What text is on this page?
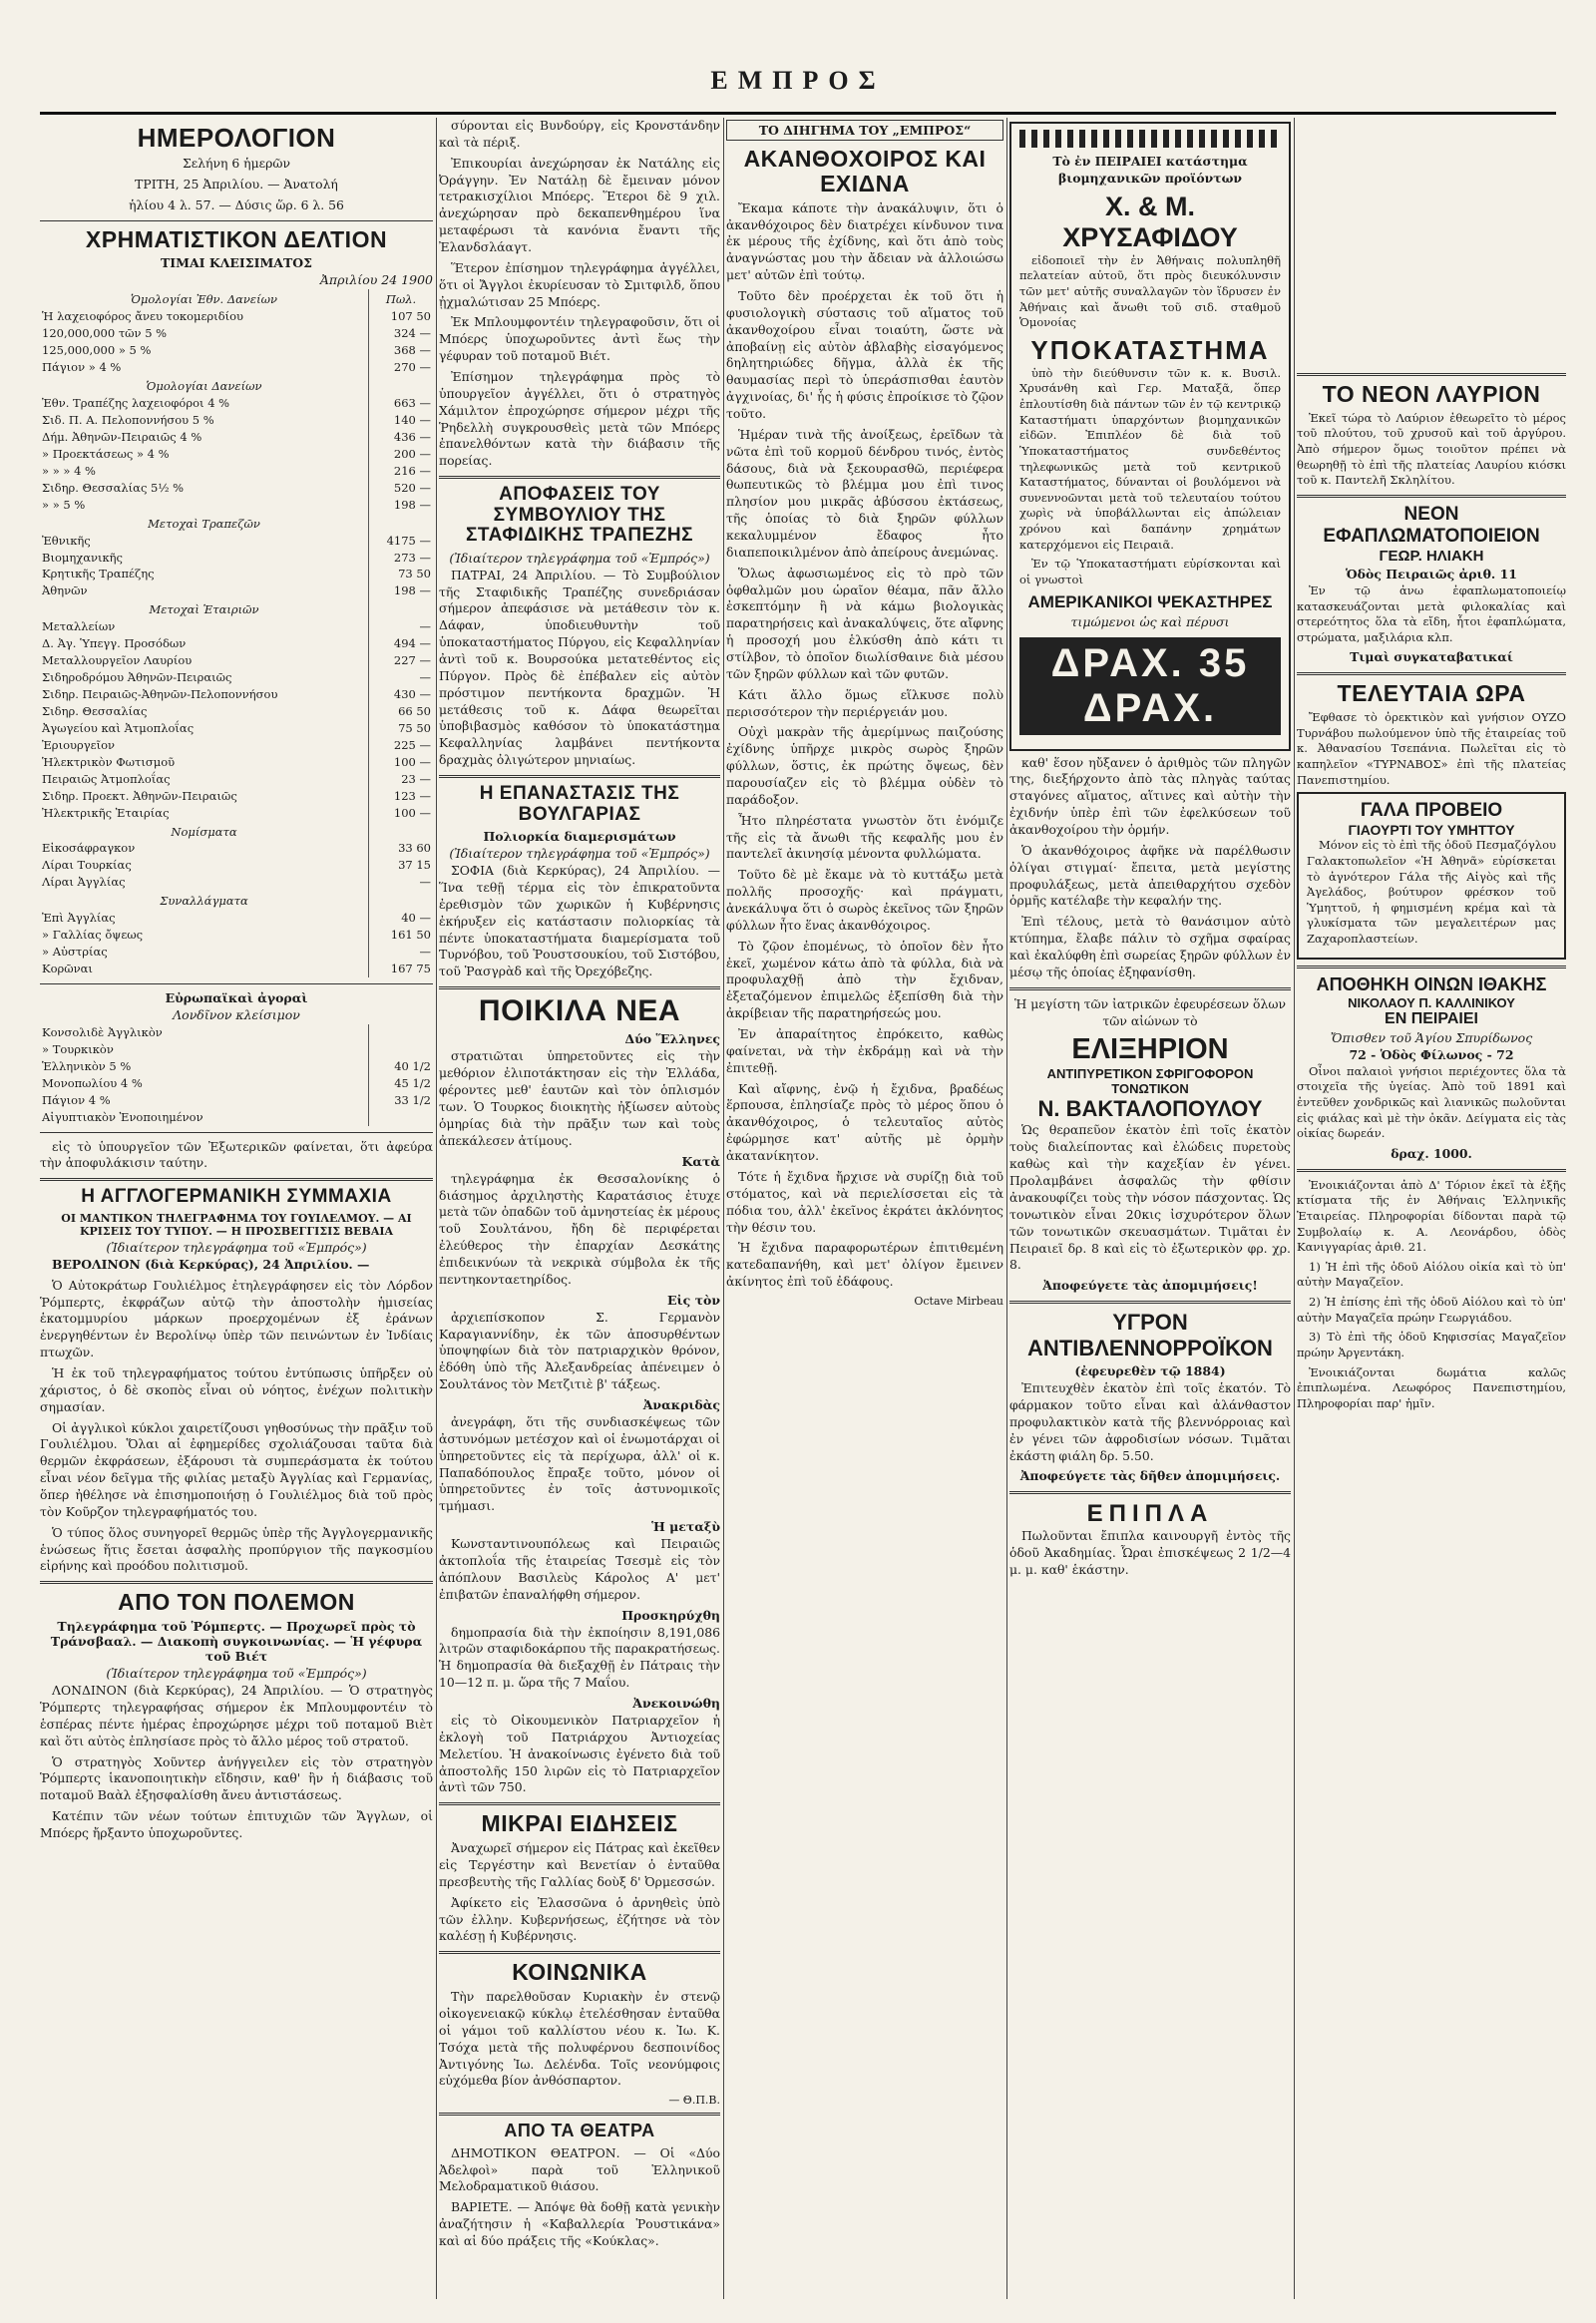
ΕΜΠΡΟΣ
ΗΜΕΡΟΛΟΓΙΟΝ

Σελήνη 6 ἡμερῶν

ΤΡΙΤΗ, 25 Ἀπριλίου. — Ἀνατολή

ἡλίου 4 λ. 57. — Δύσις ὥρ. 6 λ. 56

ΧΡΗΜΑΤΙΣΤΙΚΟΝ ΔΕΛΤΙΟΝ
ΤΙΜΑΙ ΚΛΕΙΣΙΜΑΤΟΣ
Ἀπριλίου 24 1900
Ὁμολογίαι Ἐθν. Δανείων	Πωλ.
Ἡ λαχειοφόρος ἄνευ τοκομεριδίου	107 50
120,000,000 τῶν 5 %	324 —
125,000,000 » 5 %	368 —
Πάγιον » 4 %	270 —
Ὁμολογίαι Δανείων	
Ἐθν. Τραπέζης λαχειοφόροι 4 %	663 —
Σιδ. Π. Α. Πελοποννήσου 5 %	140 —
Δήμ. Ἀθηνῶν-Πειραιῶς 4 %	436 —
» Προεκτάσεως » 4 %	200 —
» » » 4 %	216 —
Σιδηρ. Θεσσαλίας 5½ %	520 —
» » 5 %	198 —
Μετοχαὶ Τραπεζῶν	
Ἐθνικῆς	4175 —
Βιομηχανικῆς	273 —
Κρητικῆς Τραπέζης	73 50
Ἀθηνῶν	198 —
Μετοχαὶ Ἑταιριῶν	
Μεταλλείων	—
Δ. Ἀγ. Ὑπεγγ. Προσόδων	494 —
Μεταλλουργεῖον Λαυρίου	227 —
Σιδηροδρόμου Ἀθηνῶν-Πειραιῶς	—
Σιδηρ. Πειραιῶς-Ἀθηνῶν-Πελοποννήσου	430 —
Σιδηρ. Θεσσαλίας	66 50
Ἀγωγείου καὶ Ἀτμοπλοΐας	75 50
Ἐριουργεῖον	225 —
Ἡλεκτρικὸν Φωτισμοῦ	100 —
Πειραιῶς Ἀτμοπλοΐας	23 —
Σιδηρ. Προεκτ. Ἀθηνῶν-Πειραιῶς	123 —
Ἠλεκτρικῆς Ἑταιρίας	100 —
Νομίσματα	
Εἰκοσάφραγκον	33 60
Λίραι Τουρκίας	37 15
Λίραι Ἀγγλίας	—
Συναλλάγματα	
Ἐπὶ Ἀγγλίας	40 —
» Γαλλίας ὄψεως	161 50
» Αὐστρίας	—
Κορῶναι	167 75
Εὐρωπαϊκαὶ ἀγοραὶ
Λονδῖνον κλείσιμον
Κονσολιδὲ Ἀγγλικὸν	
» Τουρκικὸν	
Ἑλληνικὸν 5 %	40 1/2
Μονοπωλίου 4 %	45 1/2
Πάγιον 4 %	33 1/2
Αἰγυπτιακὸν Ἐνοποιημένον	

εἰς τὸ ὑπουργεῖον τῶν Ἐξωτερικῶν φαίνεται, ὅτι ἀφεύρα τὴν ἀποφυλάκισιν ταύτην.

Η ΑΓΓΛΟΓΕΡΜΑΝΙΚΗ ΣΥΜΜΑΧΙΑ
ΟΙ ΜΑΝΤΙΚΟΝ ΤΗΛΕΓΡΑΦΗΜΑ ΤΟΥ ΓΟΥΙΛΕΛΜΟΥ. — ΑΙ ΚΡΙΣΕΙΣ ΤΟΥ ΤΥΠΟΥ. — Η ΠΡΟΣΒΕΓΓΙΣΙΣ ΒΕΒΑΙΑ
(Ἰδιαίτερον τηλεγράφημα τοῦ «Ἐμπρός»)

ΒΕΡΟΛΙΝΟΝ (διὰ Κερκύρας), 24 Ἀπριλίου. —

Ὁ Αὐτοκράτωρ Γουλιέλμος ἐτηλεγράφησεν εἰς τὸν Λόρδον Ῥόμπερτς, ἐκφράζων αὐτῷ τὴν ἀποστολὴν ἡμισείας ἑκατομμυρίου μάρκων προερχομένων ἐξ ἐράνων ἐνεργηθέντων ἐν Βερολίνῳ ὑπὲρ τῶν πεινώντων ἐν Ἰνδίαις πτωχῶν.

Ἡ ἐκ τοῦ τηλεγραφήματος τούτου ἐντύπωσις ὑπῆρξεν οὐ χάριστος, ὁ δὲ σκοπὸς εἶναι οὐ νόητος, ἐνέχων πολιτικὴν σημασίαν.

Οἱ ἀγγλικοὶ κύκλοι χαιρετίζουσι γηθοσύνως τὴν πρᾶξιν τοῦ Γουλιέλμου. Ὅλαι αἱ ἐφημερίδες σχολιάζουσαι ταῦτα διὰ θερμῶν ἐκφράσεων, ἐξάρουσι τὰ συμπεράσματα ἐκ τούτου εἶναι νέον δεῖγμα τῆς φιλίας μεταξὺ Ἀγγλίας καὶ Γερμανίας, ὅπερ ἠθέλησε νὰ ἐπισημοποιήσῃ ὁ Γουλιέλμος διὰ τοῦ πρὸς τὸν Κοῦρζον τηλεγραφήματός του.

Ὁ τύπος ὅλος συνηγορεῖ θερμῶς ὑπὲρ τῆς Ἀγγλογερμανικῆς ἑνώσεως ἥτις ἔσεται ἀσφαλὴς προπύργιον τῆς παγκοσμίου εἰρήνης καὶ προόδου πολιτισμοῦ.

ΑΠΟ ΤΟΝ ΠΟΛΕΜΟΝ
Τηλεγράφημα τοῦ Ῥόμπερτς. — Προχωρεῖ πρὸς τὸ Τράνσβααλ. — Διακοπὴ συγκοινωνίας. — Ἡ γέφυρα τοῦ Βιέτ
(Ἰδιαίτερον τηλεγράφημα τοῦ «Ἐμπρός»)

ΛΟΝΔΙΝΟΝ (διὰ Κερκύρας), 24 Ἀπριλίου. — Ὁ στρατηγὸς Ῥόμπερτς τηλεγραφήσας σήμερον ἐκ Μπλουμφοντέιν τὸ ἑσπέρας πέντε ἡμέρας ἐπροχώρησε μέχρι τοῦ ποταμοῦ Βιὲτ καὶ ὅτι αὐτὸς ἐπλησίασε πρὸς τὸ ἄλλο μέρος τοῦ στρατοῦ.

Ὁ στρατηγὸς Χοῦντερ ἀνήγγειλεν εἰς τὸν στρατηγὸν Ῥόμπερτς ἱκανοποιητικὴν εἴδησιν, καθ' ἣν ἡ διάβασις τοῦ ποταμοῦ Βαὰλ ἐξησφαλίσθη ἄνευ ἀντιστάσεως.

Κατέπιν τῶν νέων τούτων ἐπιτυχιῶν τῶν Ἄγγλων, οἱ Μπόερς ἤρξαντο ὑποχωροῦντες.

σύρονται εἰς Βυνδούργ, εἰς Κρονστάνδην καὶ τὰ πέριξ.

Ἐπικουρίαι ἀνεχώρησαν ἐκ Νατάλης εἰς Ὀράγγην. Ἐν Νατάλῃ δὲ ἔμειναν μόνον τετρακισχίλιοι Μπόερς. Ἕτεροι δὲ 9 χιλ. ἀνεχώρησαν πρὸ δεκαπενθημέρου ἵνα μεταφέρωσι τὰ κανόνια ἔναντι τῆς Ἐλανδσλάαγτ.

Ἕτερον ἐπίσημον τηλεγράφημα ἀγγέλλει, ὅτι οἱ Ἄγγλοι ἐκυρίευσαν τὸ Σμιτφιλδ, ὅπου ᾐχμαλώτισαν 25 Μπόερς.

Ἐκ Μπλουμφοντέιν τηλεγραφοῦσιν, ὅτι οἱ Μπόερς ὑποχωροῦντες ἀντὶ ἕως τὴν γέφυραν τοῦ ποταμοῦ Βιέτ.

Ἐπίσημον τηλεγράφημα πρὸς τὸ ὑπουργεῖον ἀγγέλλει, ὅτι ὁ στρατηγὸς Χάμιλτον ἐπροχώρησε σήμερον μέχρι τῆς Ῥηδελλὴ συγκρουσθεὶς μετὰ τῶν Μπόερς ἐπανελθόντων κατὰ τὴν διάβασιν τῆς πορείας.

ΑΠΟΦΑΣΕΙΣ ΤΟΥ ΣΥΜΒΟΥΛΙΟΥ ΤΗΣ ΣΤΑΦΙΔΙΚΗΣ ΤΡΑΠΕΖΗΣ
(Ἰδιαίτερον τηλεγράφημα τοῦ «Ἐμπρός»)

ΠΑΤΡΑΙ, 24 Ἀπριλίου. — Τὸ Συμβούλιον τῆς Σταφιδικῆς Τραπέζης συνεδριάσαν σήμερον ἀπεφάσισε νὰ μετάθεσιν τὸν κ. Δάφαν, ὑποδιευθυντὴν τοῦ ὑποκαταστήματος Πύργου, εἰς Κεφαλληνίαν ἀντὶ τοῦ κ. Βουρσούκα μετατεθέντος εἰς Πύργον. Πρὸς δὲ ἐπέβαλεν εἰς αὐτὸν πρόστιμον πεντήκοντα δραχμῶν. Ἡ μετάθεσις τοῦ κ. Δάφα θεωρεῖται ὑποβιβασμὸς καθόσον τὸ ὑποκατάστημα Κεφαλληνίας λαμβάνει πεντήκοντα δραχμὰς ὀλιγώτερον μηνιαίως.

Η ΕΠΑΝΑΣΤΑΣΙΣ ΤΗΣ ΒΟΥΛΓΑΡΙΑΣ
Πολιορκία διαμερισμάτων
(Ἰδιαίτερον τηλεγράφημα τοῦ «Ἐμπρός»)

ΣΟΦΙΑ (διὰ Κερκύρας), 24 Ἀπριλίου. — Ἵνα τεθῇ τέρμα εἰς τὸν ἐπικρατοῦντα ἐρεθισμὸν τῶν χωρικῶν ἡ Κυβέρνησις ἐκήρυξεν εἰς κατάστασιν πολιορκίας τὰ πέντε ὑποκαταστήματα διαμερίσματα τοῦ Τυρνόβου, τοῦ Ῥουστσουκίου, τοῦ Σιστόβου, τοῦ Ῥασγρὰδ καὶ τῆς Ὀρεχόβεζης.

ΠΟΙΚΙΛΑ ΝΕΑ
Δύο Ἕλληνες

στρατιῶται ὑπηρετοῦντες εἰς τὴν μεθόριον ἐλιποτάκτησαν εἰς τὴν Ἑλλάδα, φέροντες μεθ' ἑαυτῶν καὶ τὸν ὁπλισμόν των. Ὁ Τουρκος διοικητὴς ἠξίωσεν αὐτοὺς ὁμηρίας διὰ τὴν πρᾶξιν των καὶ τοὺς ἀπεκάλεσεν ἀτίμους.

Κατὰ

τηλεγράφημα ἐκ Θεσσαλονίκης ὁ διάσημος ἀρχιληστὴς Καρατάσιος ἐτυχε μετὰ τῶν ὀπαδῶν τοῦ ἀμνηστείας ἐκ μέρους τοῦ Σουλτάνου, ἤδη δὲ περιφέρεται ἐλεύθερος τὴν ἐπαρχίαν Δεσκάτης ἐπιδεικνύων τὰ νεκρικὰ σύμβολα ἐκ τῆς πεντηκονταετηρίδος.

Εἰς τὸν

ἀρχιεπίσκοπον Σ. Γερμανὸν Καραγιαννίδην, ἐκ τῶν ἀποσυρθέντων ὑποψηφίων διὰ τὸν πατριαρχικὸν θρόνον, ἐδόθη ὑπὸ τῆς Ἀλεξανδρείας ἀπένειμεν ὁ Σουλτάνος τὸν Μετζιτιὲ β' τάξεως.

Ἀνακριδὰς

ἀνεγράφη, ὅτι τῆς συνδιασκέψεως τῶν ἀστυνόμων μετέσχον καὶ οἱ ἐνωμοτάρχαι οἱ ὑπηρετοῦντες εἰς τὰ περίχωρα, ἀλλ' οἱ κ. Παπαδόπουλος ἔπραξε τοῦτο, μόνον οἱ ὑπηρετοῦντες ἐν τοῖς ἀστυνομικοῖς τμήμασι.

Ἡ μεταξὺ

Κωνσταντινουπόλεως καὶ Πειραιῶς ἀκτοπλοΐα τῆς ἑταιρείας Τσεσμὲ εἰς τὸν ἀπόπλουν Βασιλεὺς Κάρολος Α' μετ' ἐπιβατῶν ἐπαναλήφθη σήμερον.

Προσκηρύχθη

δημοπρασία διὰ τὴν ἐκποίησιν 8,191,086 λιτρῶν σταφιδοκάρπου τῆς παρακρατήσεως. Ἡ δημοπρασία θὰ διεξαχθῇ ἐν Πάτραις τὴν 10—12 π. μ. ὥρα τῆς 7 Μαΐου.

Ἀνεκοινώθη

εἰς τὸ Οἰκουμενικὸν Πατριαρχεῖον ἡ ἐκλογὴ τοῦ Πατριάρχου Ἀντιοχείας Μελετίου. Ἡ ἀνακοίνωσις ἐγένετο διὰ τοῦ ἀποστολῆς 150 λιρῶν εἰς τὸ Πατριαρχεῖον ἀντὶ τῶν 750.

ΜΙΚΡΑΙ ΕΙΔΗΣΕΙΣ

Ἀναχωρεῖ σήμερον εἰς Πάτρας καὶ ἐκεῖθεν εἰς Τεργέστην καὶ Βενετίαν ὁ ἐνταῦθα πρεσβευτὴς τῆς Γαλλίας δοὺξ δ' Ὀρμεσσών.

Ἀφίκετο εἰς Ἐλασσῶνα ὁ ἀρνηθεὶς ὑπὸ τῶν ἐλλην. Κυβερνήσεως, ἐζήτησε νὰ τὸν καλέσῃ ἡ Κυβέρνησις.

ΚΟΙΝΩΝΙΚΑ

Τὴν παρελθοῦσαν Κυριακὴν ἐν στενῷ οἰκογενειακῷ κύκλῳ ἐτελέσθησαν ἐνταῦθα οἱ γάμοι τοῦ καλλίστου νέου κ. Ἰω. Κ. Τσόχα μετὰ τῆς πολυφέρνου δεσποινίδος Ἀντιγόνης Ἰω. Δελένδα. Τοῖς νεονύμφοις εὐχόμεθα βίον ἀνθόσπαρτον.

— Θ.Π.Β.
ΑΠΟ ΤΑ ΘΕΑΤΡΑ

ΔΗΜΟΤΙΚΟΝ ΘΕΑΤΡΟΝ. — Οἱ «Δύο Ἀδελφοὶ» παρὰ τοῦ Ἑλληνικοῦ Μελοδραματικοῦ θιάσου.

ΒΑΡΙΕΤΕ. — Ἀπόψε θὰ δοθῇ κατὰ γενικὴν ἀναζήτησιν ἡ «Καβαλλερία Ῥουστικάνα» καὶ αἱ δύο πράξεις τῆς «Κούκλας».

ΤΟ ΔΙΗΓΗΜΑ ΤΟΥ „ΕΜΠΡΟΣ“
ΑΚΑΝΘΟΧΟΙΡΟΣ ΚΑΙ ΕΧΙΔΝΑ

Ἔκαμα κάποτε τὴν ἀνακάλυψιν, ὅτι ὁ ἀκανθόχοιρος δὲν διατρέχει κίνδυνον τινα ἐκ μέρους τῆς ἐχίδνης, καὶ ὅτι ἀπὸ τοὺς ἀναγνώστας μου τὴν ἄδειαν νὰ ἀλλοιώσω μετ' αὐτῶν ἐπὶ τούτῳ.

Τοῦτο δὲν προέρχεται ἐκ τοῦ ὅτι ἡ φυσιολογικὴ σύστασις τοῦ αἵματος τοῦ ἀκανθοχοίρου εἶναι τοιαύτη, ὥστε νὰ ἀποβαίνῃ εἰς αὐτὸν ἀβλαβὴς εἰσαγόμενος δηλητηριώδες δῆγμα, ἀλλὰ ἐκ τῆς θαυμασίας περὶ τὸ ὑπεράσπισθαι ἑαυτὸν ἀγχινοίας, δι' ἧς ἡ φύσις ἐπροίκισε τὸ ζῷον τοῦτο.

Ἡμέραν τινὰ τῆς ἀνοίξεως, ἐρεῖδων τὰ νῶτα ἐπὶ τοῦ κορμοῦ δένδρου τινός, ἐντὸς δάσους, διὰ νὰ ξεκουρασθῶ, περιέφερα θωπευτικῶς τὸ βλέμμα μου ἐπὶ τινος πλησίον μου μικρᾶς ἀβύσσου ἐκτάσεως, τῆς ὁποίας τὸ διὰ ξηρῶν φύλλων κεκαλυμμένον ἔδαφος ἦτο διαπεποικιλμένον ἀπὸ ἀπείρους ἀνεμώνας.

Ὅλως ἀφωσιωμένος εἰς τὸ πρὸ τῶν ὀφθαλμῶν μου ὡραῖον θέαμα, πᾶν ἄλλο ἐσκεπτόμην ἢ νὰ κάμω βιολογικὰς παρατηρήσεις καὶ ἀνακαλύψεις, ὅτε αἴφνης ἡ προσοχή μου ἑλκύσθη ἀπὸ κάτι τι στίλβον, τὸ ὁποῖον διωλίσθαινε διὰ μέσου τῶν ξηρῶν φύλλων καὶ τῶν φυτῶν.

Κάτι ἄλλο ὅμως εἵλκυσε πολὺ περισσότερον τὴν περιέργειάν μου.

Οὐχὶ μακρὰν τῆς ἀμερίμνως παιζούσης ἐχίδνης ὑπῆρχε μικρὸς σωρὸς ξηρῶν φύλλων, ὅστις, ἐκ πρώτης ὄψεως, δὲν παρουσίαζεν εἰς τὸ βλέμμα οὐδὲν τὸ παράδοξον.

Ἦτο πληρέστατα γνωστὸν ὅτι ἐνόμιζε τῆς εἰς τὰ ἄνωθι τῆς κεφαλῆς μου ἐν παντελεῖ ἀκινησίᾳ μένοντα φυλλώματα.

Τοῦτο δὲ μὲ ἔκαμε νὰ τὸ κυττάξω μετὰ πολλῆς προσοχῆς· καὶ πράγματι, ἀνεκάλυψα ὅτι ὁ σωρὸς ἐκεῖνος τῶν ξηρῶν φύλλων ἦτο ἕνας ἀκανθόχοιρος.

Τὸ ζῷον ἐπομένως, τὸ ὁποῖον δὲν ἦτο ἐκεῖ, χωμένον κάτω ἀπὸ τὰ φύλλα, διὰ νὰ προφυλαχθῇ ἀπὸ τὴν ἔχιδναν, ἐξεταζόμενον ἐπιμελῶς ἐξεπίσθη διὰ τὴν ἀκρίβειαν τῆς παρατηρήσεώς μου.

Ἐν ἀπαραίτητος ἐπρόκειτο, καθὼς φαίνεται, νὰ τὴν ἐκδράμῃ καὶ νὰ τὴν ἐπιτεθῇ.

Καὶ αἴφνης, ἐνῷ ἡ ἔχιδνα, βραδέως ἕρπουσα, ἐπλησίαζε πρὸς τὸ μέρος ὅπου ὁ ἀκανθόχοιρος, ὁ τελευταῖος αὐτὸς ἐφώρμησε κατ' αὐτῆς μὲ ὀρμὴν ἀκατανίκητον.

Τότε ἡ ἔχιδνα ἤρχισε νὰ συρίζῃ διὰ τοῦ στόματος, καὶ νὰ περιελίσσεται εἰς τὰ πόδια του, ἀλλ' ἐκεῖνος ἐκράτει ἀκλόνητος τὴν θέσιν του.

Ἡ ἔχιδνα παραφορωτέρων ἐπιτιθεμένη κατεδαπανήθη, καὶ μετ' ὀλίγον ἔμεινεν ἀκίνητος ἐπὶ τοῦ ἐδάφους.

Octave Mirbeau

Τὸ ἐν ΠΕΙΡΑΙΕΙ κατάστημα βιομηχανικῶν προϊόντων

Χ. & Μ. ΧΡΥΣΑΦΙΔΟΥ

εἰδοποιεῖ τὴν ἐν Ἀθήναις πολυπληθῆ πελατείαν αὐτοῦ, ὅτι πρὸς διευκόλυνσιν τῶν μετ' αὐτῆς συναλλαγῶν τὸν ἵδρυσεν ἐν Ἀθήναις καὶ ἄνωθι τοῦ σιδ. σταθμοῦ Ὁμονοίας

ΥΠΟΚΑΤΑΣΤΗΜΑ

ὑπὸ τὴν διεύθυνσιν τῶν κ. κ. Βυσιλ. Χρυσάνθη καὶ Γερ. Ματαξᾶ, ὅπερ ἐπλουτίσθη διὰ πάντων τῶν ἐν τῷ κεντρικῷ Καταστήματι ὑπαρχόντων βιομηχανικῶν εἰδῶν. Ἐπιπλέον δὲ διὰ τοῦ Ὑποκαταστήματος συνδεθέντος τηλεφωνικῶς μετὰ τοῦ κεντρικοῦ Καταστήματος, δύνανται οἱ βουλόμενοι νὰ συνεννοῶνται μετὰ τοῦ τελευταίου τούτου χωρὶς νὰ ὑποβάλλωνται εἰς ἀπώλειαν χρόνου καὶ δαπάνην χρημάτων κατερχόμενοι εἰς Πειραιᾶ.

Ἐν τῷ Ὑποκαταστήματι εὑρίσκονται καὶ οἱ γνωστοὶ

ΑΜΕΡΙΚΑΝΙΚΟΙ ΨΕΚΑΣΤΗΡΕΣ
τιμώμενοι ὡς καὶ πέρυσι
ΔΡΑΧ. 35 ΔΡΑΧ.

καθ' ἕσον ηὔξανεν ὁ ἀριθμὸς τῶν πληγῶν της, διεξήρχοντο ἀπὸ τὰς πληγὰς ταύτας σταγόνες αἵματος, αἵτινες καὶ αὐτὴν τὴν ἐχιδνήν ὑπὲρ ἐπὶ τῶν ἐφελκύσεων τοῦ ἀκανθοχοίρου τὴν ὁρμήν.

Ὁ ἀκανθόχοιρος ἀφῆκε νὰ παρέλθωσιν ὀλίγαι στιγμαί· ἔπειτα, μετὰ μεγίστης προφυλάξεως, μετὰ ἀπειθαρχήτου σχεδὸν ὁρμῆς κατέλαβε τὴν κεφαλήν της.

Ἐπὶ τέλους, μετὰ τὸ θανάσιμον αὐτὸ κτύπημα, ἔλαβε πάλιν τὸ σχῆμα σφαίρας καὶ ἐκαλύφθη ἐπὶ σωρείας ξηρῶν φύλλων ἐν μέσῳ τῆς ὁποίας ἐξηφανίσθη.

Ἡ μεγίστη τῶν ἰατρικῶν ἐφευρέσεων ὅλων τῶν αἰώνων τὸ

ΕΛΙΞΗΡΙΟΝ
ΑΝΤΙΠΥΡΕΤΙΚΟΝ ΣΦΡΙΓΟΦΟΡΟΝ ΤΟΝΩΤΙΚΟΝ
Ν. ΒΑΚΤΑΛΟΠΟΥΛΟΥ

Ὡς θεραπεῦον ἑκατὸν ἐπὶ τοῖς ἑκατὸν τοὺς διαλείποντας καὶ ἐλώδεις πυρετοὺς καθὼς καὶ τὴν καχεξίαν ἐν γένει. Προλαμβάνει ἀσφαλῶς τὴν φθίσιν ἀνακουφίζει τοὺς τὴν νόσον πάσχοντας. Ὡς τονωτικὸν εἶναι 20κις ἰσχυρότερον ὅλων τῶν τονωτικῶν σκευασμάτων. Τιμᾶται ἐν Πειραιεῖ δρ. 8 καὶ εἰς τὸ ἐξωτερικὸν φρ. χρ. 8.

Ἀποφεύγετε τὰς ἀπομιμήσεις!

ΥΓΡΟΝ ΑΝΤΙΒΛΕΝΝΟΡΡΟΪΚΟΝ
(ἐφευρεθὲν τῷ 1884)

Ἐπιτευχθὲν ἑκατὸν ἐπὶ τοῖς ἑκατόν. Τὸ φάρμακον τοῦτο εἶναι καὶ ἀλάνθαστον προφυλακτικὸν κατὰ τῆς βλεννόρροιας καὶ ἐν γένει τῶν ἀφροδισίων νόσων. Τιμᾶται ἐκάστη φιάλη δρ. 5.50.

Ἀποφεύγετε τὰς δῆθεν ἀπομιμήσεις.

ΕΠΙΠΛΑ

Πωλοῦνται ἔπιπλα καινουργῆ ἐντὸς τῆς ὁδοῦ Ἀκαδημίας. Ὧραι ἐπισκέψεως 2 1/2—4 μ. μ. καθ' ἑκάστην.

ΤΟ ΝΕΟΝ ΛΑΥΡΙΟΝ

Ἐκεῖ τώρα τὸ Λαύριον ἐθεωρεῖτο τὸ μέρος τοῦ πλούτου, τοῦ χρυσοῦ καὶ τοῦ ἀργύρου. Ἀπὸ σήμερον ὅμως τοιοῦτον πρέπει νὰ θεωρηθῇ τὸ ἐπὶ τῆς πλατείας Λαυρίου κιόσκι τοῦ κ. Παντελῆ Σκληλίτου.

ΝΕΟΝ ΕΦΑΠΛΩΜΑΤΟΠΟΙΕΙΟΝ
ΓΕΩΡ. ΗΛΙΑΚΗ
Ὁδὸς Πειραιῶς ἀριθ. 11

Ἐν τῷ ἀνω ἐφαπλωματοποιείῳ κατασκευάζονται μετὰ φιλοκαλίας καὶ στερεότητος ὅλα τὰ εἴδη, ἦτοι ἐφαπλώματα, στρώματα, μαξιλάρια κλπ.

Τιμαὶ συγκαταβατικαί

ΤΕΛΕΥΤΑΙΑ ΩΡΑ

Ἔφθασε τὸ ὀρεκτικὸν καὶ γνήσιον ΟΥΖΟ Τυρνάβου πωλούμενον ὑπὸ τῆς ἐταιρείας τοῦ κ. Ἀθανασίου Τσεπάνια. Πωλεῖται εἰς τὸ καπηλεῖον «ΤΥΡΝΑΒΟΣ» ἐπὶ τῆς πλατείας Πανεπιστημίου.

ΓΑΛΑ ΠΡΟΒΕΙΟ
ΓΙΑΟΥΡΤΙ ΤΟΥ ΥΜΗΤΤΟΥ

Μόνον εἰς τὸ ἐπὶ τῆς ὁδοῦ Πεσμαζόγλου Γαλακτοπωλεῖον «Ἡ Ἀθηνᾶ» εὑρίσκεται τὸ ἀγνότερον Γάλα τῆς Αἰγὸς καὶ τῆς Ἀγελάδος, βούτυρον φρέσκον τοῦ Ὑμηττοῦ, ἡ φημισμένη κρέμα καὶ τὰ γλυκίσματα τῶν μεγαλειτέρων μας Ζαχαροπλαστείων.

ΑΠΟΘΗΚΗ ΟΙΝΩΝ ΙΘΑΚΗΣ
ΝΙΚΟΛΑΟΥ Π. ΚΑΛΛΙΝΙΚΟΥ
ΕΝ ΠΕΙΡΑΙΕΙ
Ὄπισθεν τοῦ Ἁγίου Σπυρίδωνος
72 - Ὁδὸς Φίλωνος - 72

Οἶνοι παλαιοὶ γνήσιοι περιέχοντες ὅλα τὰ στοιχεῖα τῆς ὑγείας. Ἀπὸ τοῦ 1891 καὶ ἐντεῦθεν χονδρικῶς καὶ λιανικῶς πωλοῦνται εἰς φιάλας καὶ μὲ τὴν ὀκᾶν. Δείγματα εἰς τὰς οἰκίας δωρεάν.

δραχ. 1000.

Ἐνοικιάζονται ἀπὸ Δ' Τόριον ἐκεῖ τὰ ἐξῆς κτίσματα τῆς ἐν Ἀθήναις Ἑλληνικῆς Ἑταιρείας. Πληροφορίαι δίδονται παρὰ τῷ Συμβολαίῳ κ. Α. Λεονάρδου, ὁδὸς Κανιγγαρίας ἀριθ. 21.

1) Ἡ ἐπὶ τῆς ὁδοῦ Αἰόλου οἰκία καὶ τὸ ὑπ' αὐτὴν Μαγαζεῖον.

2) Ἡ ἐπίσης ἐπὶ τῆς ὁδοῦ Αἰόλου καὶ τὸ ὑπ' αὐτὴν Μαγαζεῖα πρώην Γεωργιάδου.

3) Τὸ ἐπὶ τῆς ὁδοῦ Κηφισσίας Μαγαζεῖον πρώην Ἀργεντάκη.

Ἐνοικιάζονται δωμάτια καλῶς ἐπιπλωμένα. Λεωφόρος Πανεπιστημίου, Πληροφορίαι παρ' ἡμῖν.
